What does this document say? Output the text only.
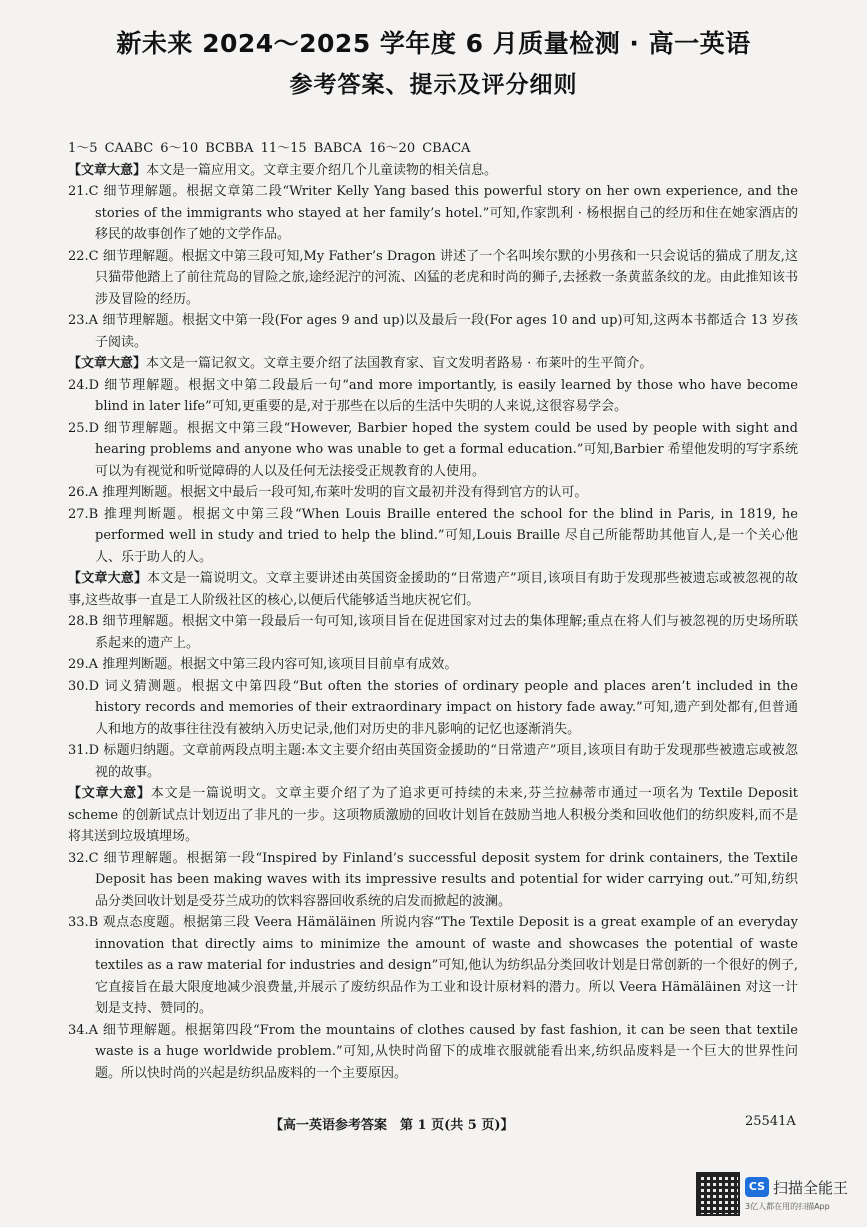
新未来 2024～2025 学年度 6 月质量检测 · 高一英语
参考答案、提示及评分细则

1～5 CAABC 6～10 BCBBA 11～15 BABCA 16～20 CBACA

【文章大意】本文是一篇应用文。文章主要介绍几个儿童读物的相关信息。

21.C 细节理解题。根据文章第二段“Writer Kelly Yang based this powerful story on her own experience, and the stories of the immigrants who stayed at her family’s hotel.”可知,作家凯利 · 杨根据自己的经历和住在她家酒店的移民的故事创作了她的文学作品。

22.C 细节理解题。根据文中第三段可知,My Father’s Dragon 讲述了一个名叫埃尔默的小男孩和一只会说话的猫成了朋友,这只猫带他踏上了前往荒岛的冒险之旅,途经泥泞的河流、凶猛的老虎和时尚的狮子,去拯救一条黄蓝条纹的龙。由此推知该书涉及冒险的经历。

23.A 细节理解题。根据文中第一段(For ages 9 and up)以及最后一段(For ages 10 and up)可知,这两本书都适合 13 岁孩子阅读。

【文章大意】本文是一篇记叙文。文章主要介绍了法国教育家、盲文发明者路易 · 布莱叶的生平简介。

24.D 细节理解题。根据文中第二段最后一句“and more importantly, is easily learned by those who have become blind in later life”可知,更重要的是,对于那些在以后的生活中失明的人来说,这很容易学会。

25.D 细节理解题。根据文中第三段“However, Barbier hoped the system could be used by people with sight and hearing problems and anyone who was unable to get a formal education.”可知,Barbier 希望他发明的写字系统可以为有视觉和听觉障碍的人以及任何无法接受正规教育的人使用。

26.A 推理判断题。根据文中最后一段可知,布莱叶发明的盲文最初并没有得到官方的认可。

27.B 推理判断题。根据文中第三段“When Louis Braille entered the school for the blind in Paris, in 1819, he performed well in study and tried to help the blind.”可知,Louis Braille 尽自己所能帮助其他盲人,是一个关心他人、乐于助人的人。

【文章大意】本文是一篇说明文。文章主要讲述由英国资金援助的“日常遗产”项目,该项目有助于发现那些被遗忘或被忽视的故事,这些故事一直是工人阶级社区的核心,以便后代能够适当地庆祝它们。

28.B 细节理解题。根据文中第一段最后一句可知,该项目旨在促进国家对过去的集体理解;重点在将人们与被忽视的历史场所联系起来的遗产上。

29.A 推理判断题。根据文中第三段内容可知,该项目目前卓有成效。

30.D 词义猜测题。根据文中第四段“But often the stories of ordinary people and places aren’t included in the history records and memories of their extraordinary impact on history fade away.”可知,遗产到处都有,但普通人和地方的故事往往没有被纳入历史记录,他们对历史的非凡影响的记忆也逐渐消失。

31.D 标题归纳题。文章前两段点明主题:本文主要介绍由英国资金援助的“日常遗产”项目,该项目有助于发现那些被遗忘或被忽视的故事。

【文章大意】本文是一篇说明文。文章主要介绍了为了追求更可持续的未来,芬兰拉赫蒂市通过一项名为 Textile Deposit scheme 的创新试点计划迈出了非凡的一步。这项物质激励的回收计划旨在鼓励当地人积极分类和回收他们的纺织废料,而不是将其送到垃圾填埋场。

32.C 细节理解题。根据第一段“Inspired by Finland’s successful deposit system for drink containers, the Textile Deposit has been making waves with its impressive results and potential for wider carrying out.”可知,纺织品分类回收计划是受芬兰成功的饮料容器回收系统的启发而掀起的波澜。

33.B 观点态度题。根据第三段 Veera Hämäläinen 所说内容“The Textile Deposit is a great example of an everyday innovation that directly aims to minimize the amount of waste and showcases the potential of waste textiles as a raw material for industries and design”可知,他认为纺织品分类回收计划是日常创新的一个很好的例子,它直接旨在最大限度地减少浪费量,并展示了废纺织品作为工业和设计原材料的潜力。所以 Veera Hämäläinen 对这一计划是支持、赞同的。

34.A 细节理解题。根据第四段“From the mountains of clothes caused by fast fashion, it can be seen that textile waste is a huge worldwide problem.”可知,从快时尚留下的成堆衣服就能看出来,纺织品废料是一个巨大的世界性问题。所以快时尚的兴起是纺织品废料的一个主要原因。

【高一英语参考答案　第 1 页(共 5 页)】	25541A
CS 扫描全能王
3亿人都在用的扫描App
